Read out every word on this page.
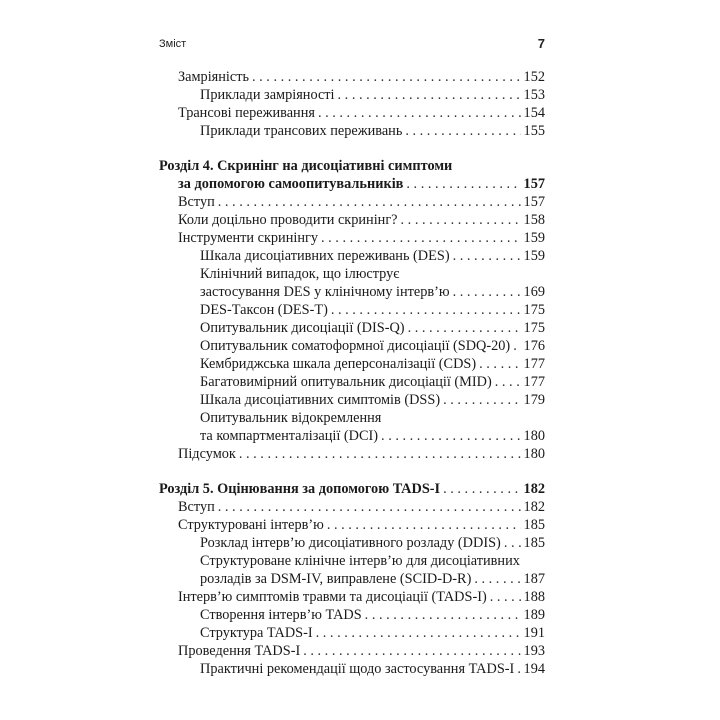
Зміст	7
Замріяність . . .	152
Приклади замріяності . . .	153
Трансові переживання . . .	154
Приклади трансових переживань . . .	155
Розділ 4. Скринінг на дисоціативні симптоми
за допомогою самоопитувальників . . .	157
Вступ . . .	157
Коли доцільно проводити скринінг? . . .	158
Інструменти скринінгу . . .	159
Шкала дисоціативних переживань (DES) . . .	159
Клінічний випадок, що ілюструє
застосування DES у клінічному інтерв’ю . . .	169
DES-Таксон (DES-T) . . .	175
Опитувальник дисоціації (DIS-Q) . . .	175
Опитувальник соматоформної дисоціації (SDQ-20) . . . 176
Кембриджська шкала деперсоналізації (CDS) . . .	177
Багатовимірний опитувальник дисоціації (MID) . . . 177
Шкала дисоціативних симптомів (DSS) . . .	179
Опитувальник відокремлення
та компартменталізації (DCI) . . .	180
Підсумок . . .	180
Розділ 5. Оцінювання за допомогою TADS-I . . .	182
Вступ . . .	182
Структуровані інтерв’ю . . .	185
Розклад інтерв’ю дисоціативного розладу (DDIS) . . . 185
Структуроване клінічне інтерв’ю для дисоціативних
розладів за DSM-IV, виправлене (SCID-D-R) . . .	187
Інтерв’ю симптомів травми та дисоціації (TADS-I) . . .	188
Створення інтерв’ю TADS . . .	189
Структура TADS-I . . .	191
Проведення TADS-I . . .	193
Практичні рекомендації щодо застосування TADS-I . . . 194
